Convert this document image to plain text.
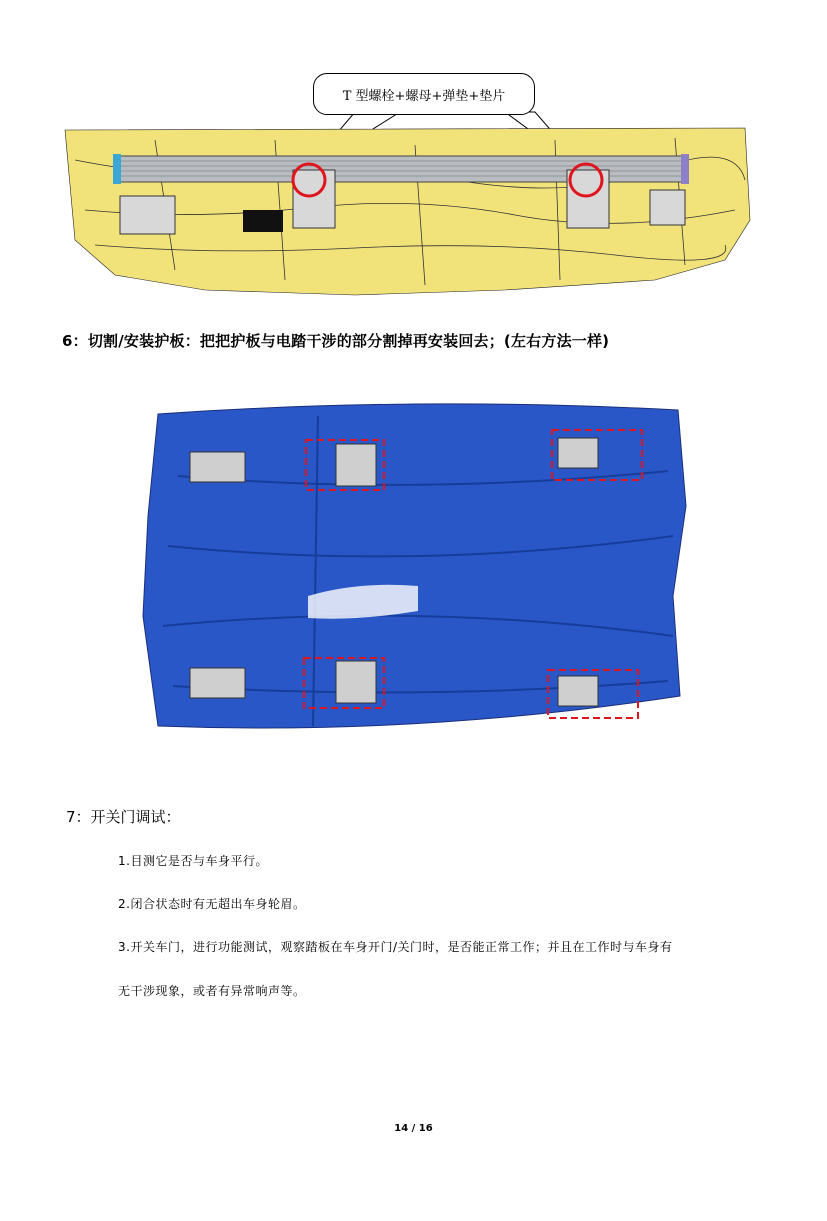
T 型螺栓+螺母+弹垫+垫片
6：切割/安装护板：把把护板与电踏干涉的部分割掉再安装回去；(左右方法一样)
7：开关门调试：
1.目测它是否与车身平行。
2.闭合状态时有无超出车身轮眉。
3.开关车门，进行功能测试，观察踏板在车身开门/关门时，是否能正常工作；并且在工作时与车身有
无干涉现象，或者有异常响声等。
14 / 16
